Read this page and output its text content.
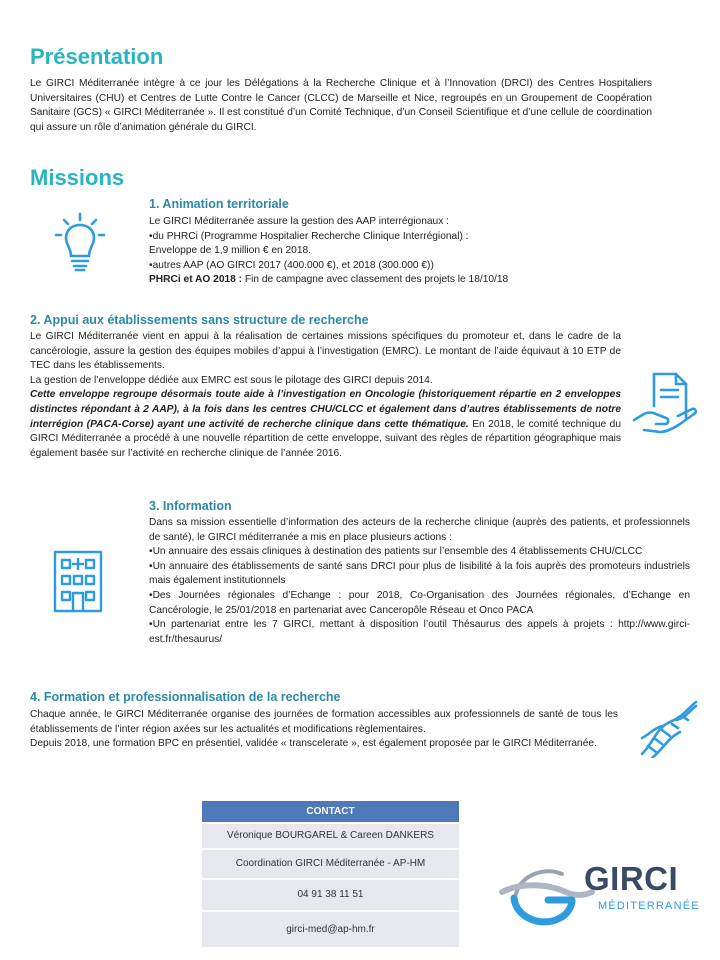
Présentation
Le GIRCI Méditerranée intègre à ce jour les Délégations à la Recherche Clinique et à l’Innovation (DRCI) des Centres Hospitaliers Universitaires (CHU) et Centres de Lutte Contre le Cancer (CLCC) de Marseille et Nice, regroupés en un Groupement de Coopération Sanitaire (GCS) « GIRCI Méditerranée ». Il est constitué d’un Comité Technique, d’un Conseil Scientifique et d’une cellule de coordination qui assure un rôle d’animation générale du GIRCI.
Missions
1. Animation territoriale
Le GIRCI Méditerranée assure la gestion des AAP interrégionaux :
•du PHRCi (Programme Hospitalier Recherche Clinique Interrégional) :
Enveloppe de 1,9 million € en 2018.
•autres AAP (AO GIRCI 2017 (400.000 €), et 2018 (300.000 €))
PHRCi et AO 2018 : Fin de campagne avec classement des projets le 18/10/18
2. Appui aux établissements sans structure de recherche
Le GIRCI Méditerranée vient en appui à la réalisation de certaines missions spécifiques du promoteur et, dans le cadre de la cancérologie, assure la gestion des équipes mobiles d’appui à l’investigation (EMRC). Le montant de l’aide équivaut à 10 ETP de TEC dans les établissements.
La gestion de l’enveloppe dédiée aux EMRC est sous le pilotage des GIRCI depuis 2014.
Cette enveloppe regroupe désormais toute aide à l’investigation en Oncologie (historiquement répartie en 2 enveloppes distinctes répondant à 2 AAP), à la fois dans les centres CHU/CLCC et également dans d’autres établissements de notre interrégion (PACA-Corse) ayant une activité de recherche clinique dans cette thématique. En 2018, le comité technique du GIRCI Méditerranée a procédé à une nouvelle répartition de cette enveloppe, suivant des règles de répartition géographique mais également basée sur l’activité en recherche clinique de l’année 2016.
3. Information
Dans sa mission essentielle d’information des acteurs de la recherche clinique (auprès des patients, et professionnels de santé), le GIRCI méditerranée a mis en place plusieurs actions :
•Un annuaire des essais cliniques à destination des patients sur l’ensemble des 4 établissements CHU/CLCC
•Un annuaire des établissements de santé sans DRCI pour plus de lisibilité à la fois auprès des promoteurs industriels mais également institutionnels
•Des Journées régionales d’Echange : pour 2018, Co-Organisation des Journées régionales, d’Echange en Cancérologie, le 25/01/2018 en partenariat avec Canceropôle Réseau et Onco PACA
•Un partenariat entre les 7 GIRCI, mettant à disposition l’outil Thésaurus des appels à projets : http://www.girci-est.fr/thesaurus/
4. Formation et professionnalisation de la recherche
Chaque année, le GIRCI Méditerranée organise des journées de formation accessibles aux professionnels de santé de tous les établissements de l’inter région axées sur les actualités et modifications règlementaires.
Depuis 2018, une formation BPC en présentiel, validée « transcelerate », est également proposée par le GIRCI Méditerranée.
CONTACT
Véronique BOURGAREL & Careen DANKERS
Coordination GIRCI Méditerranée - AP-HM
04 91 38 11 51
girci-med@ap-hm.fr
GIRCI
MÉDITERRANÉE
